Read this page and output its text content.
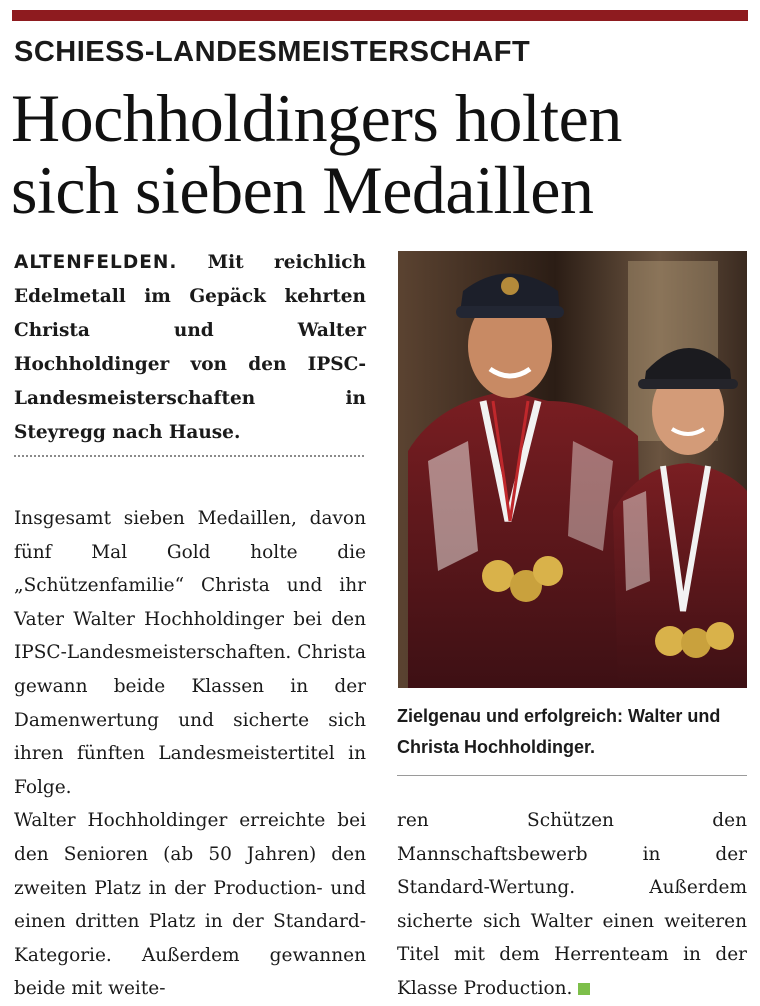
SCHIESS-LANDESMEISTERSCHAFT
Hochholdingers holten
sich sieben Medaillen
ALTENFELDEN. Mit reichlich Edelmetall im Gepäck kehrten Christa und Walter Hochholdinger von den IPSC-Landesmeisterschaften in Steyregg nach Hause.

Insgesamt sieben Medaillen, davon fünf Mal Gold holte die „Schützenfamilie“ Christa und ihr Vater Walter Hochholdinger bei den IPSC-Landesmeisterschaften. Christa gewann beide Klassen in der Damenwertung und sicherte sich ihren fünften Landesmeistertitel in Folge.

Walter Hochholdinger erreichte bei den Senioren (ab 50 Jahren) den zweiten Platz in der Production- und einen dritten Platz in der Standard-Kategorie. Außerdem gewannen beide mit weite-

Zielgenau und erfolgreich: Walter und Christa Hochholdinger.

ren Schützen den Mannschaftsbewerb in der Standard-Wertung. Außerdem sicherte sich Walter einen weiteren Titel mit dem Herrenteam in der Klasse Production.
